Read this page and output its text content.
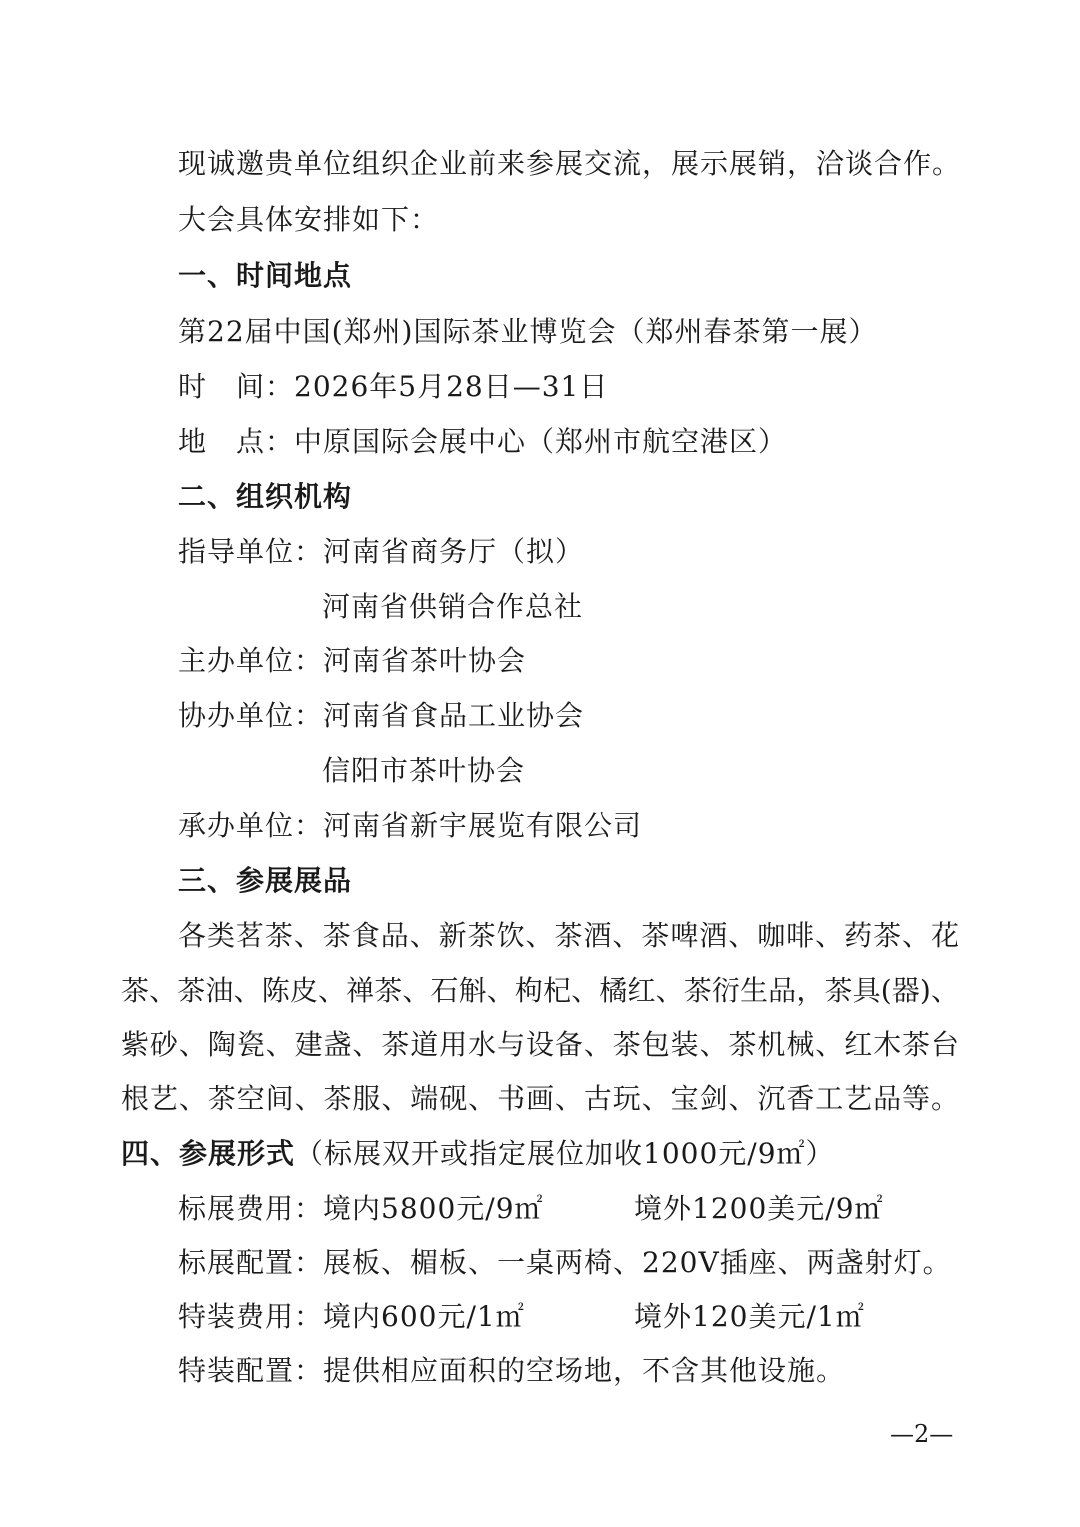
现诚邀贵单位组织企业前来参展交流，展示展销，洽谈合作。

大会具体安排如下：

一、时间地点

第22届中国(郑州)国际茶业博览会（郑州春茶第一展）

时　间：2026年5月28日—31日

地　点：中原国际会展中心（郑州市航空港区）

二、组织机构

指导单位：河南省商务厅（拟）

河南省供销合作总社

主办单位：河南省茶叶协会

协办单位：河南省食品工业协会

信阳市茶叶协会

承办单位：河南省新宇展览有限公司

三、参展展品

各类茗茶、茶食品、新茶饮、茶酒、茶啤酒、咖啡、药茶、花

茶、茶油、陈皮、禅茶、石斛、枸杞、橘红、茶衍生品，茶具(器)、

紫砂、陶瓷、建盏、茶道用水与设备、茶包装、茶机械、红木茶台

根艺、茶空间、茶服、端砚、书画、古玩、宝剑、沉香工艺品等。

四、参展形式（标展双开或指定展位加收1000元/9㎡）

标展费用：境内5800元/9㎡	境外1200美元/9㎡

标展配置：展板、楣板、一桌两椅、220V插座、两盏射灯。

特装费用：境内600元/1㎡	境外120美元/1㎡

特装配置：提供相应面积的空场地，不含其他设施。

—2—
